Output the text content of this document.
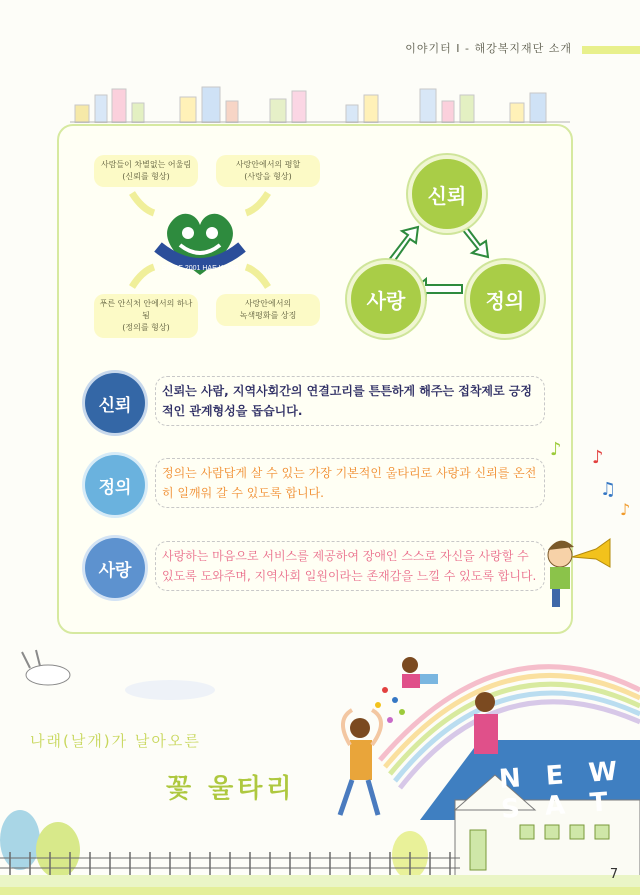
이야기터 Ⅰ - 해강복지재단 소개
사람들이 차별없는 어울림
(신뢰를 형상)
사랑안에서의 평할
(사랑을 형상)
푸른 안식처 안에서의 하나됨
(정의를 형상)
사랑안에서의
녹색평화를 상징
SINCE 2001 HAE KANG
신뢰
정의
사랑
신뢰
신뢰는 사람, 지역사회간의 연결고리를 튼튼하게 해주는 접착제로 긍정적인 관계형성을 돕습니다.
정의
정의는 사람답게 살 수 있는 가장 기본적인 울타리로 사랑과 신뢰를 온전히 일깨워 갈 수 있도록 합니다.
사랑
사랑하는 마음으로 서비스를 제공하여 장애인 스스로 자신을 사랑할 수 있도록 도와주며, 지역사회 일원이라는 존재감을 느낄 수 있도록 합니다.
♪ ♪
♫
♪
N E W S A T
나래(날개)가 날아오른
꽃 울타리
7
